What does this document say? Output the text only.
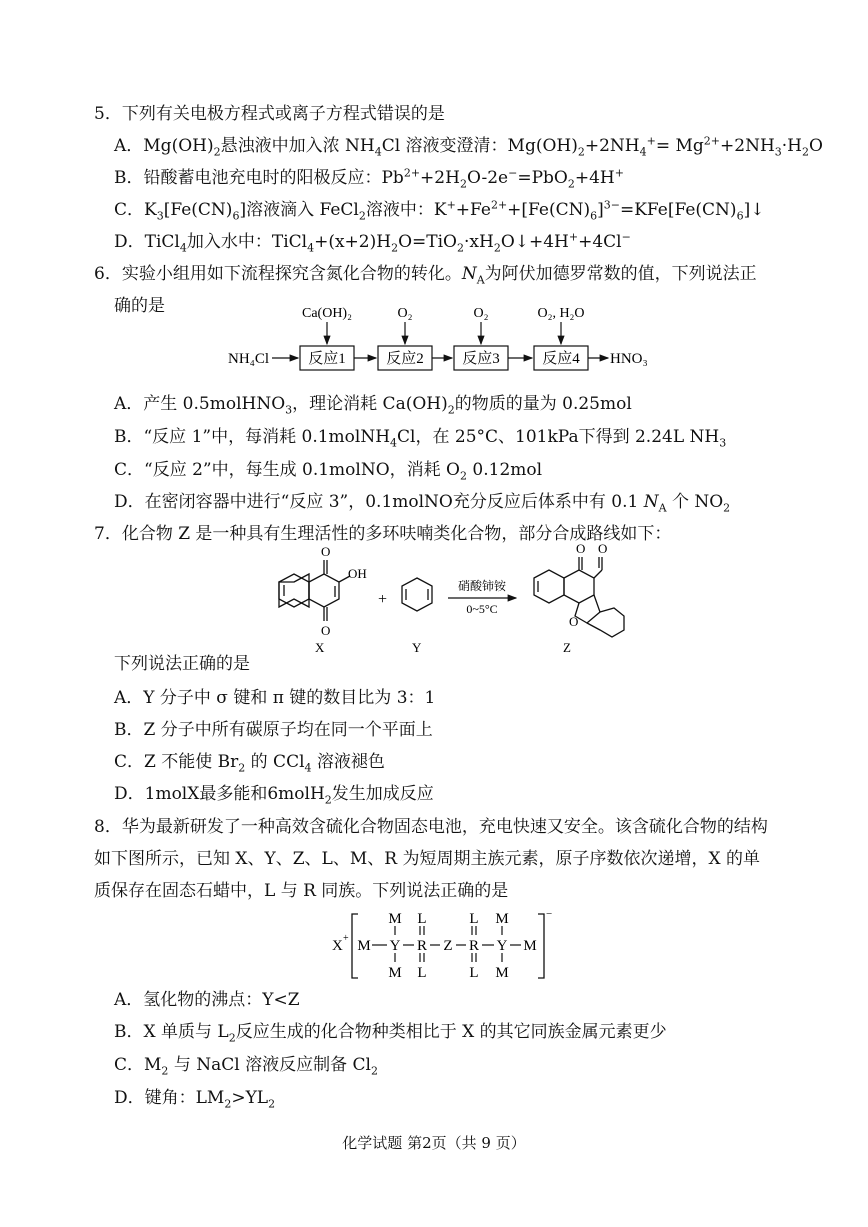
5．下列有关电极方程式或离子方程式错误的是
A．$Mg(OH)_2$悬浊液中加入浓 $NH_4Cl$ 溶液变澄清：$Mg(OH)_2+2NH_4^+= Mg^{2+}+2NH_3\cdot H_2O$
B．铅酸蓄电池充电时的阳极反应：$Pb^{2+}+2H_2O-2e^-=PbO_2+4H^+$
C．$K_3[Fe(CN)_6]$溶液滴入 FeCl$_2$溶液中：$K^++Fe^{2+}+[Fe(CN)_6]^{3-}=KFe[Fe(CN)_6]↓$
D．TiCl$_4$加入水中：$TiCl_4+(x+2)H_2O=TiO_2\cdot xH_2O↓+4H^++4Cl^-$
6．实验小组用如下流程探究含氮化合物的转化。$N_A$为阿伏加德罗常数的值，下列说法正
确的是
NH₄Cl	反应1	反应2	反应3	反应4 HNO₃
Ca(OH)₂	O₂	O₂	O₂, H₂O
A．产生 0.5molHNO$_3$，理论消耗 $Ca(OH)_2$的物质的量为 0.25mol
B．“反应 1”中，每消耗 0.1molNH$_4$Cl，在 25°C、101kPa下得到 2.24L $NH_3$
C．“反应 2”中，每生成 0.1molNO，消耗 $O_2$ 0.12mol
D．在密闭容器中进行“反应 3”，0.1molNO充分反应后体系中有 0.1 $N_A$ 个 $NO_2$
7．化合物 Z 是一种具有生理活性的多环呋喃类化合物，部分合成路线如下：
O
O
OH
X
+
Y
硝酸铈铵
0~5°C
O O
O
Z
下列说法正确的是
A．Y 分子中 σ 键和 π 键的数目比为 3：1
B．Z 分子中所有碳原子均在同一个平面上
C．Z 不能使 $Br_2$ 的 CCl$_4$ 溶液褪色
D．1molX最多能和6molH$_2$发生加成反应
8．华为最新研发了一种高效含硫化合物固态电池，充电快速又安全。该含硫化合物的结构
如下图所示，已知 X、Y、Z、L、M、R 为短周期主族元素，原子序数依次递增，X 的单
质保存在固态石蜡中，L 与 R 同族。下列说法正确的是
X +
−
M Y
M
M
R
L
L
Z R
L
L
Y
M
M
M
A．氢化物的沸点：Y<Z
B．X 单质与 $L_2$反应生成的化合物种类相比于 X 的其它同族金属元素更少
C．$M_2$ 与 NaCl 溶液反应制备 $Cl_2$
D．键角：$LM_2>YL_2$
化学试题 第2页（共 9 页）
